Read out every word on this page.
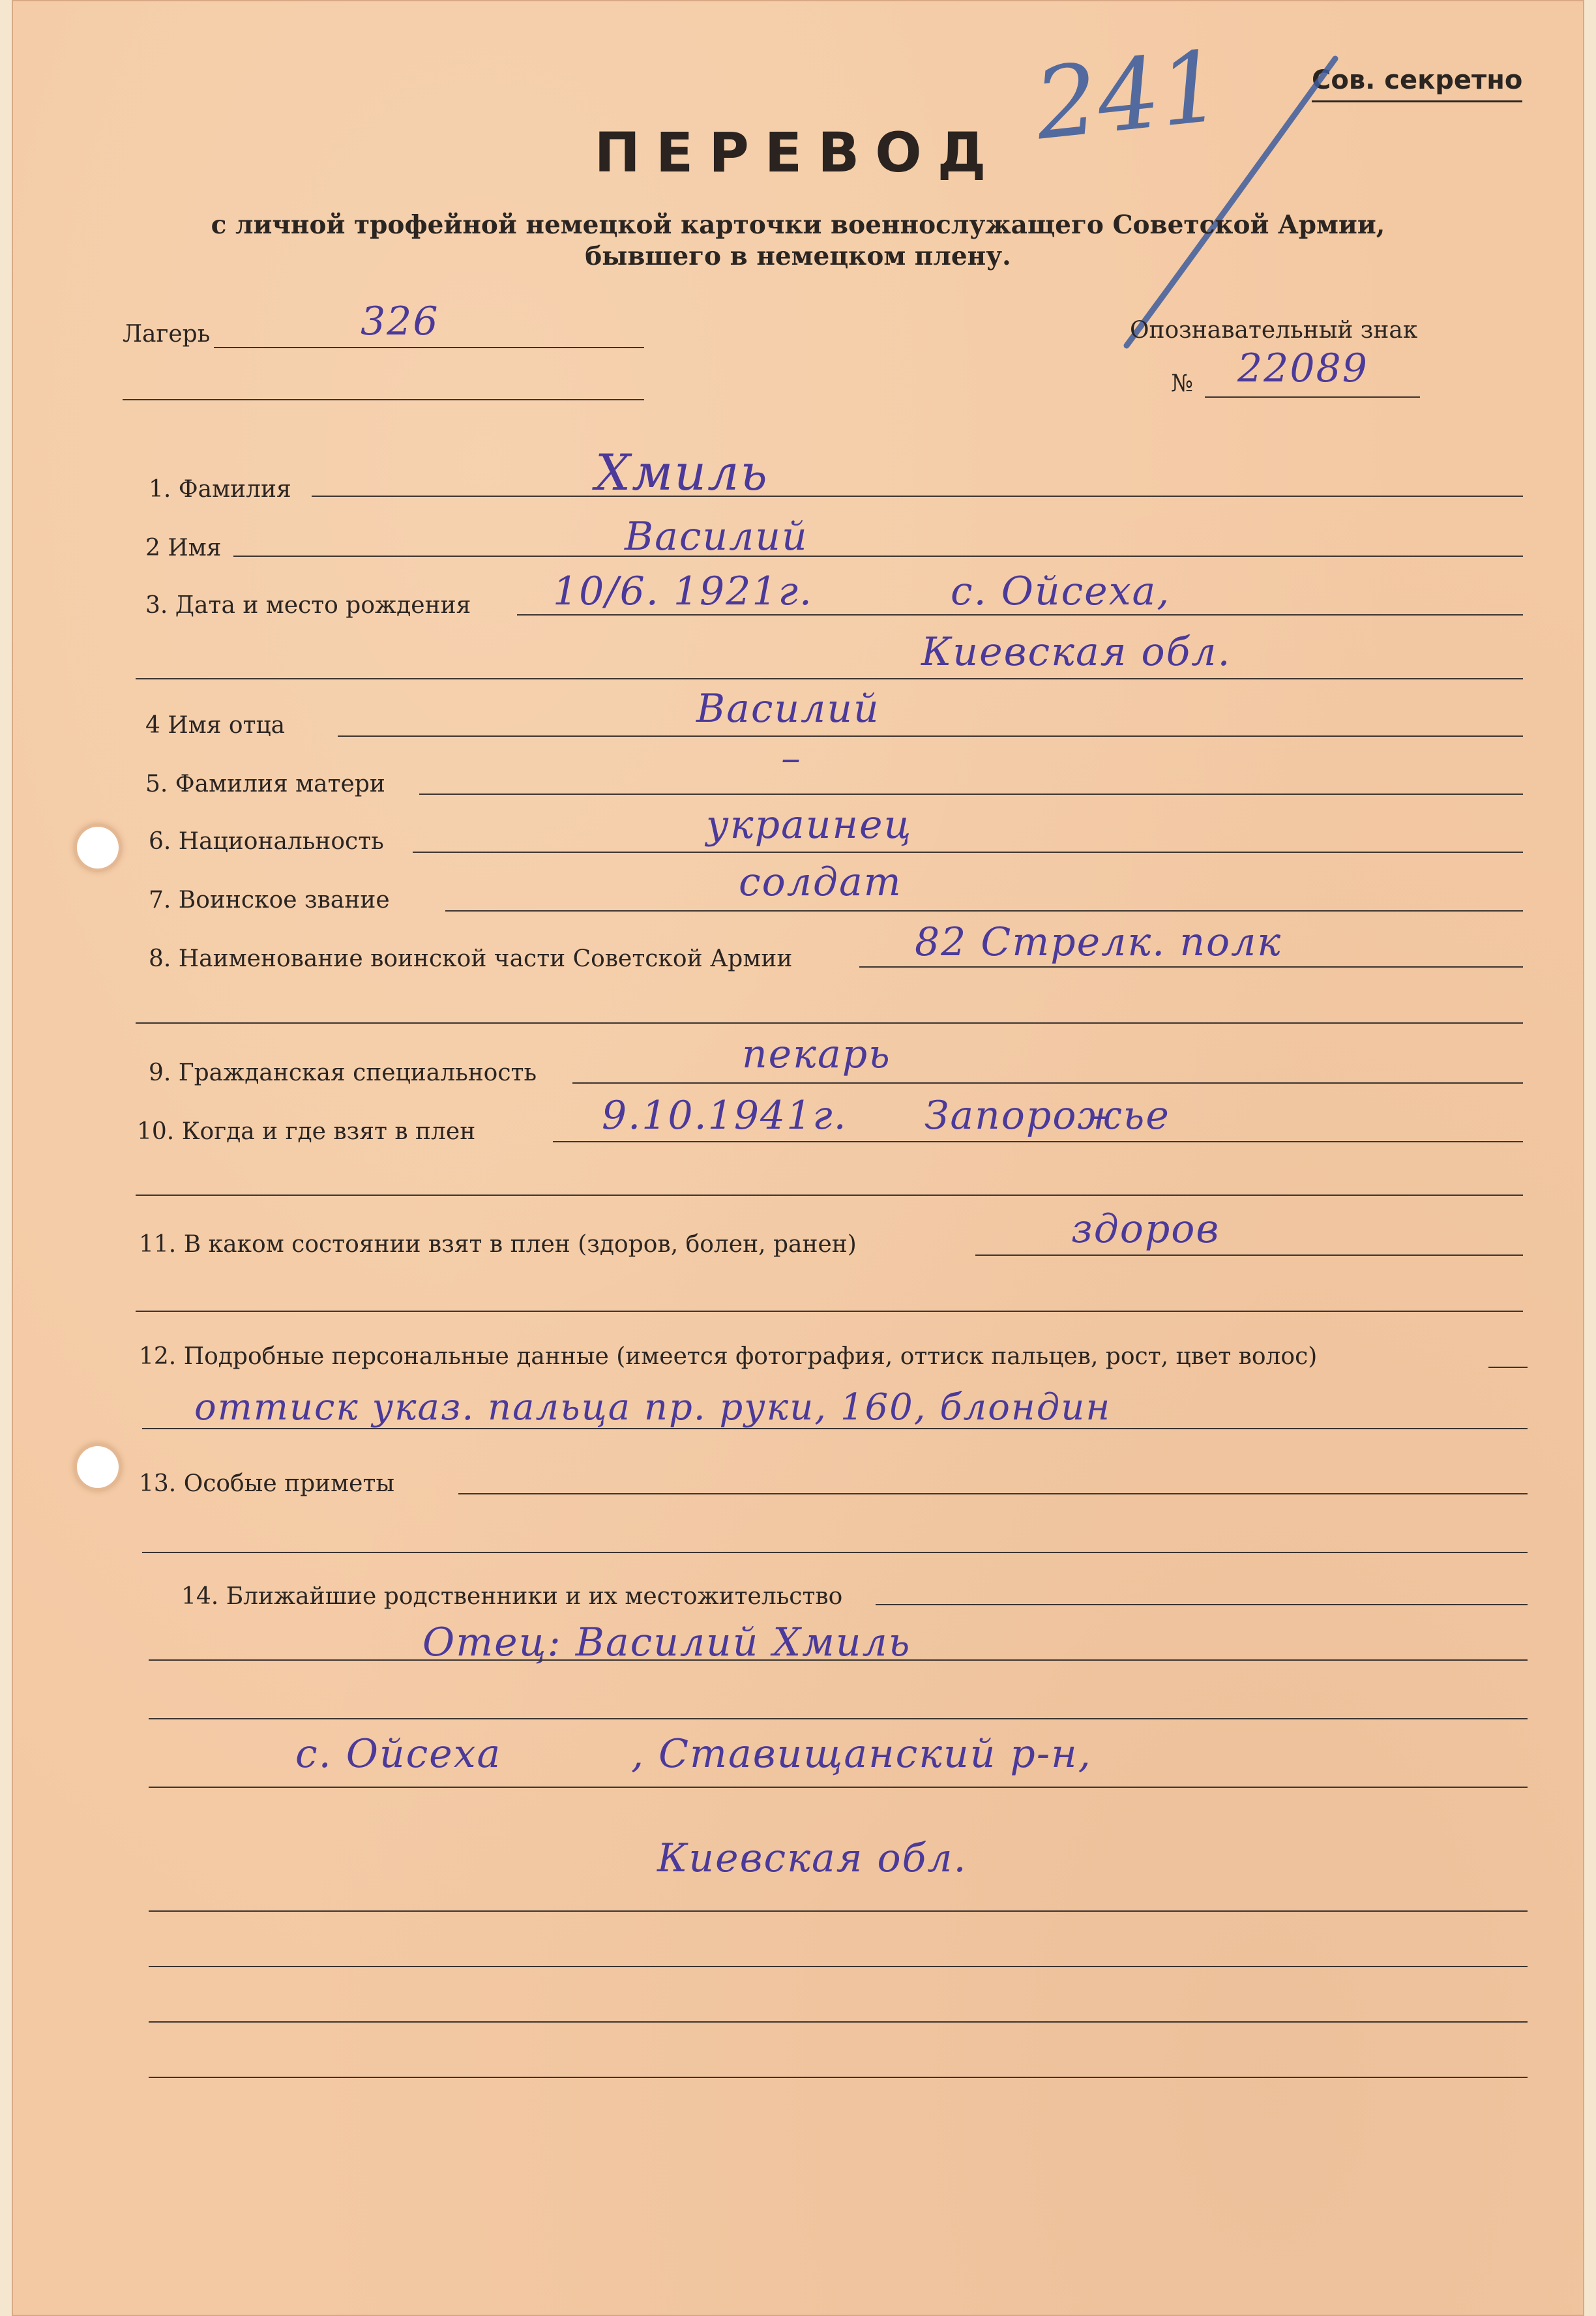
Сов. секретно
241
ПЕРЕВОД
с личной трофейной немецкой карточки военнослужащего Советской Армии,
бывшего в немецком плену.
Лагерь	326	Опознавательный знак
№ 22089
1. Фамилия	Хмиль
2 Имя	Василий
3. Дата и место рождения 10/6. 1921г.	с. Ойсеха,
Киевская обл.
4 Имя отца	Василий
5. Фамилия матери
–
6. Национальность	украинец
7. Воинское звание	солдат
8. Наименование воинской части Советской Армии	82 Стрелк. полк
9. Гражданская специальность	пекарь
10. Когда и где взят в плен	9.10.1941г. Запорожье
11. В каком состоянии взят в плен (здоров, болен, ранен)	здоров
12. Подробные персональные данные (имеется фотография, оттиск пальцев, рост, цвет волос)
оттиск указ. пальца пр. руки, 160, блондин
13. Особые приметы
14. Ближайшие родственники и их местожительство
Отец: Василий Хмиль
с. Ойсеха	, Ставищанский р-н,
Киевская обл.
